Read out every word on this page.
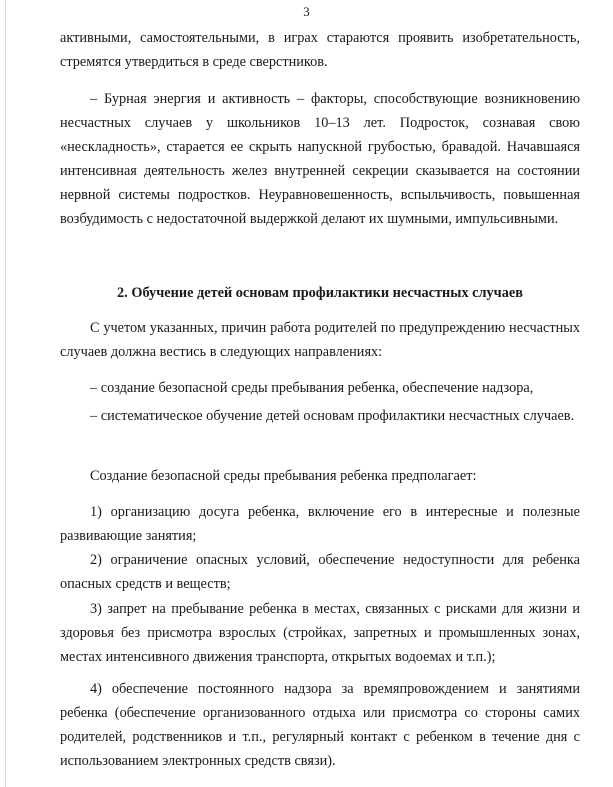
3

активными, самостоятельными, в играх стараются проявить изобретательность, стремятся утвердиться в среде сверстников.

– Бурная энергия и активность – факторы, способствующие возникновению несчастных случаев у школьников 10–13 лет. Подросток, сознавая свою «нескладность», старается ее скрыть напускной грубостью, бравадой. Начавшаяся интенсивная деятельность желез внутренней секреции сказывается на состоянии нервной системы подростков. Неуравновешенность, вспыльчивость, повышенная возбудимость с недостаточной выдержкой делают их шумными, импульсивными.

2. Обучение детей основам профилактики несчастных случаев

С учетом указанных, причин работа родителей по предупреждению несчастных случаев должна вестись в следующих направлениях:

– создание безопасной среды пребывания ребенка, обеспечение надзора,

– систематическое обучение детей основам профилактики несчастных случаев.

Создание безопасной среды пребывания ребенка предполагает:

1) организацию досуга ребенка, включение его в интересные и полезные развивающие занятия;

2) ограничение опасных условий, обеспечение недоступности для ребенка опасных средств и веществ;

3) запрет на пребывание ребенка в местах, связанных с рисками для жизни и здоровья без присмотра взрослых (стройках, запретных и промышленных зонах, местах интенсивного движения транспорта, открытых водоемах и т.п.);

4) обеспечение постоянного надзора за времяпровождением и занятиями ребенка (обеспечение организованного отдыха или присмотра со стороны самих родителей, родственников и т.п., регулярный контакт с ребенком в течение дня с использованием электронных средств связи).
